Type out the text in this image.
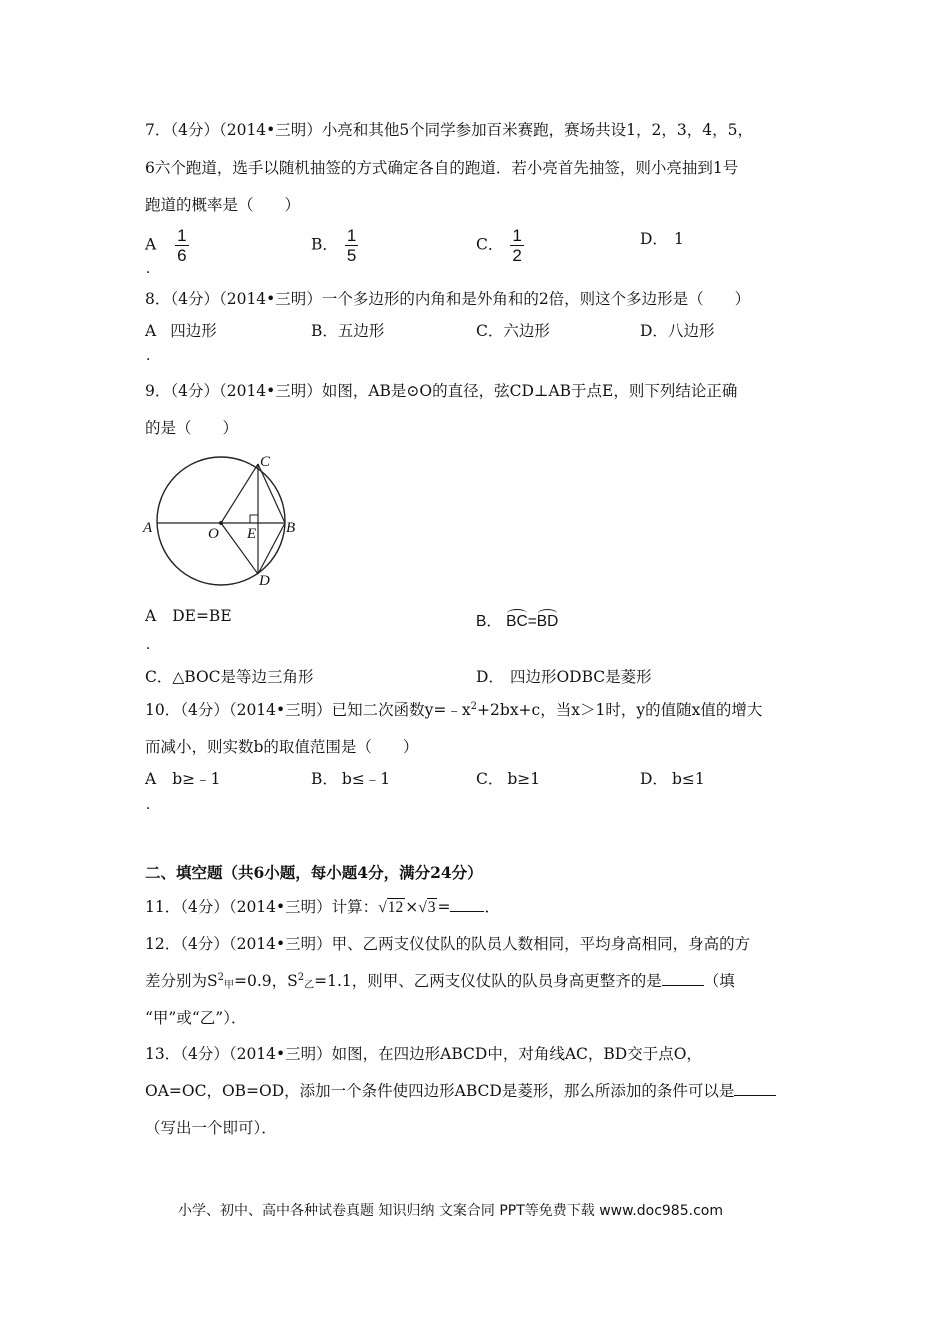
7．（4分）（2014•三明）小亮和其他5个同学参加百米赛跑，赛场共设1，2，3，4，5，
6六个跑道，选手以随机抽签的方式确定各自的跑道．若小亮首先抽签，则小亮抽到1号
跑道的概率是（　　）
A $\frac{1}{6}$
．
B． $\frac{1}{5}$	C． $\frac{1}{2}$	D． 1
8．（4分）（2014•三明）一个多边形的内角和是外角和的2倍，则这个多边形是（　　）
A 四边形
．
B．五边形	C．六边形	D．八边形
9．（4分）（2014•三明）如图，AB是⊙O的直径，弦CD⊥AB于点E，则下列结论正确
的是（　　）
A	B
C
D
O E
A DE=BE
．
B． BC=BD
C．△BOC是等边三角形	D． 四边形ODBC是菱形
10．（4分）（2014•三明）已知二次函数$y=﹣x^2+2bx+c$，当x＞1时，y的值随x值的增大
而减小，则实数b的取值范围是（　　）
A b≥﹣1
．
B． b≤﹣1	C． b≥1	D． b≤1
二、填空题（共6小题，每小题4分，满分24分）
11．（4分）（2014•三明）计算：√12 ×√3 = ．
12．（4分）（2014•三明）甲、乙两支仪仗队的队员人数相同，平均身高相同，身高的方
差分别为$S^2_甲=0.9$，$S^2_乙=1.1$，则甲、乙两支仪仗队的队员身高更整齐的是	（填
“甲”或“乙”）．
13．（4分）（2014•三明）如图，在四边形ABCD中，对角线AC，BD交于点O，
OA=OC，OB=OD，添加一个条件使四边形ABCD是菱形，那么所添加的条件可以是
（写出一个即可）．
小学、初中、高中各种试卷真题 知识归纳 文案合同 PPT等免费下载 www.doc985.com
